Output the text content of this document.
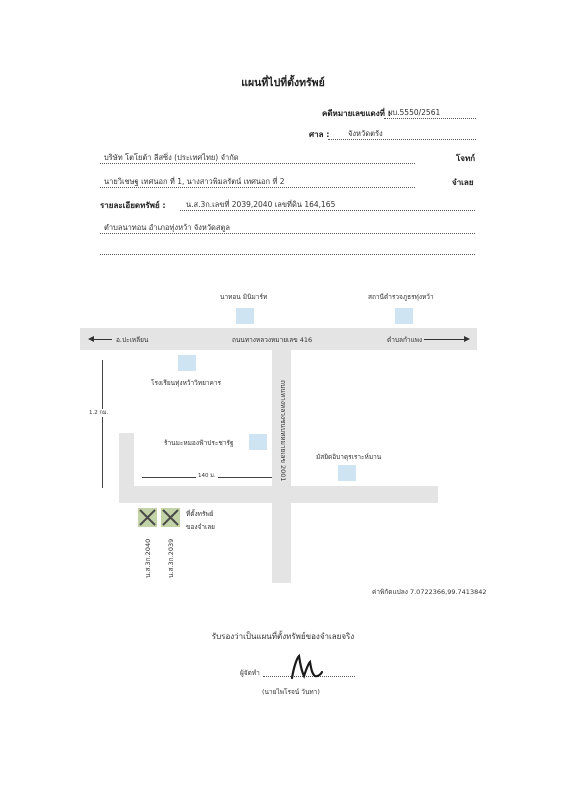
แผนที่ไปที่ตั้งทรัพย์
คดีหมายเลขแดงที่ :
ผบ.5550/2561
ศาล : จังหวัดตรัง
บริษัท โตโยต้า ลีสซิ่ง (ประเทศไทย) จำกัด	โจทก์
นายวิเชษฐ เทศนอก ที่ 1, นางสาวพิมลรัตน์ เทศนอก ที่ 2	จำเลย
รายละเอียดทรัพย์ :	น.ส.3ก.เลขที่ 2039,2040 เลขที่ดิน 164,165
ตำบลนาทอน อำเภอทุ่งหว้า จังหวัดสตูล
นาทอน มินิมาร์ท	สถานีตำรวจภูธรทุ่งหว้า
ถนนทางหลวงหมายเลข 416
อ.ปะเหลียน	ตำบลกำแพง
โรงเรียนทุ่งหว้าวิทยาคาร
1.2 กม.	ถนนทางหลวงชนบทหมายเลข 2001
ร้านมะหมองฟ้าประชารัฐ
มัสยิดอิบาดุรเราะห์มาน
140 ม.
ที่ตั้งทรัพย์
ของจำเลย
น.ส.3ก.2040 น.ส.3ก.2039
ค่าพิกัดแปลง 7.0722366,99.7413842
รับรองว่าเป็นแผนที่ตั้งทรัพย์ของจำเลยจริง
ผู้จัดทำ
(นายไพโรจน์ วันทา)
